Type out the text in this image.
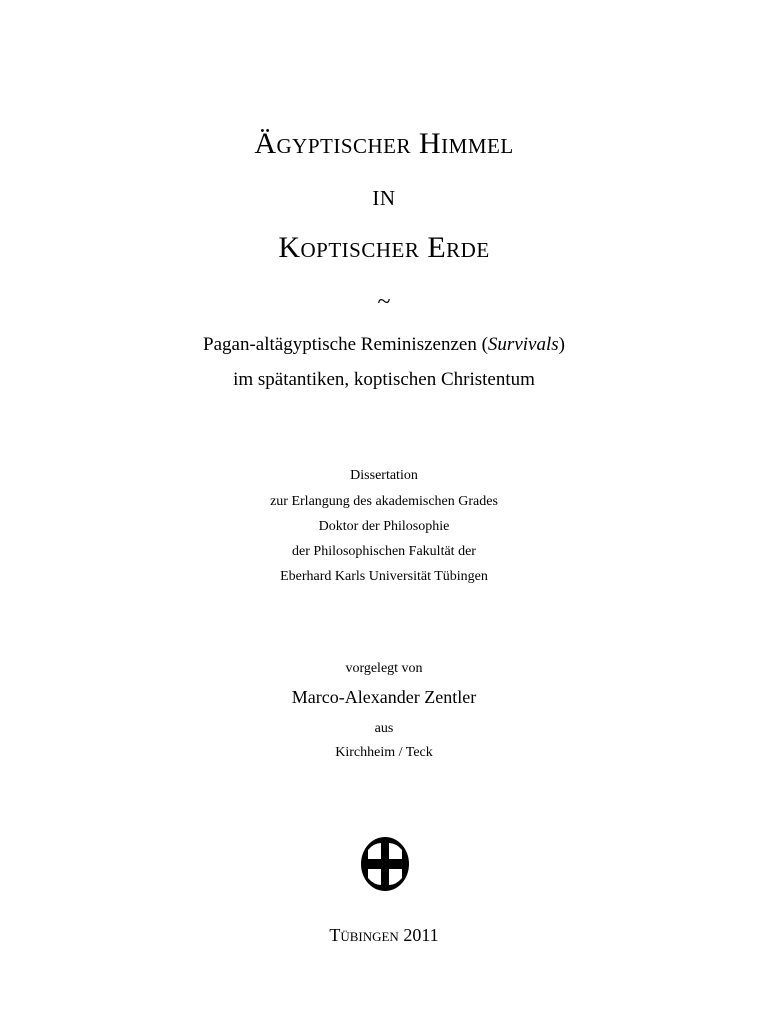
Ägyptischer Himmel
in
Koptischer Erde
~
Pagan-altägyptische Reminiszenzen (Survivals)
im spätantiken, koptischen Christentum
Dissertation
zur Erlangung des akademischen Grades
Doktor der Philosophie
der Philosophischen Fakultät der
Eberhard Karls Universität Tübingen
vorgelegt von
Marco-Alexander Zentler
aus
Kirchheim / Teck
Tübingen 2011
